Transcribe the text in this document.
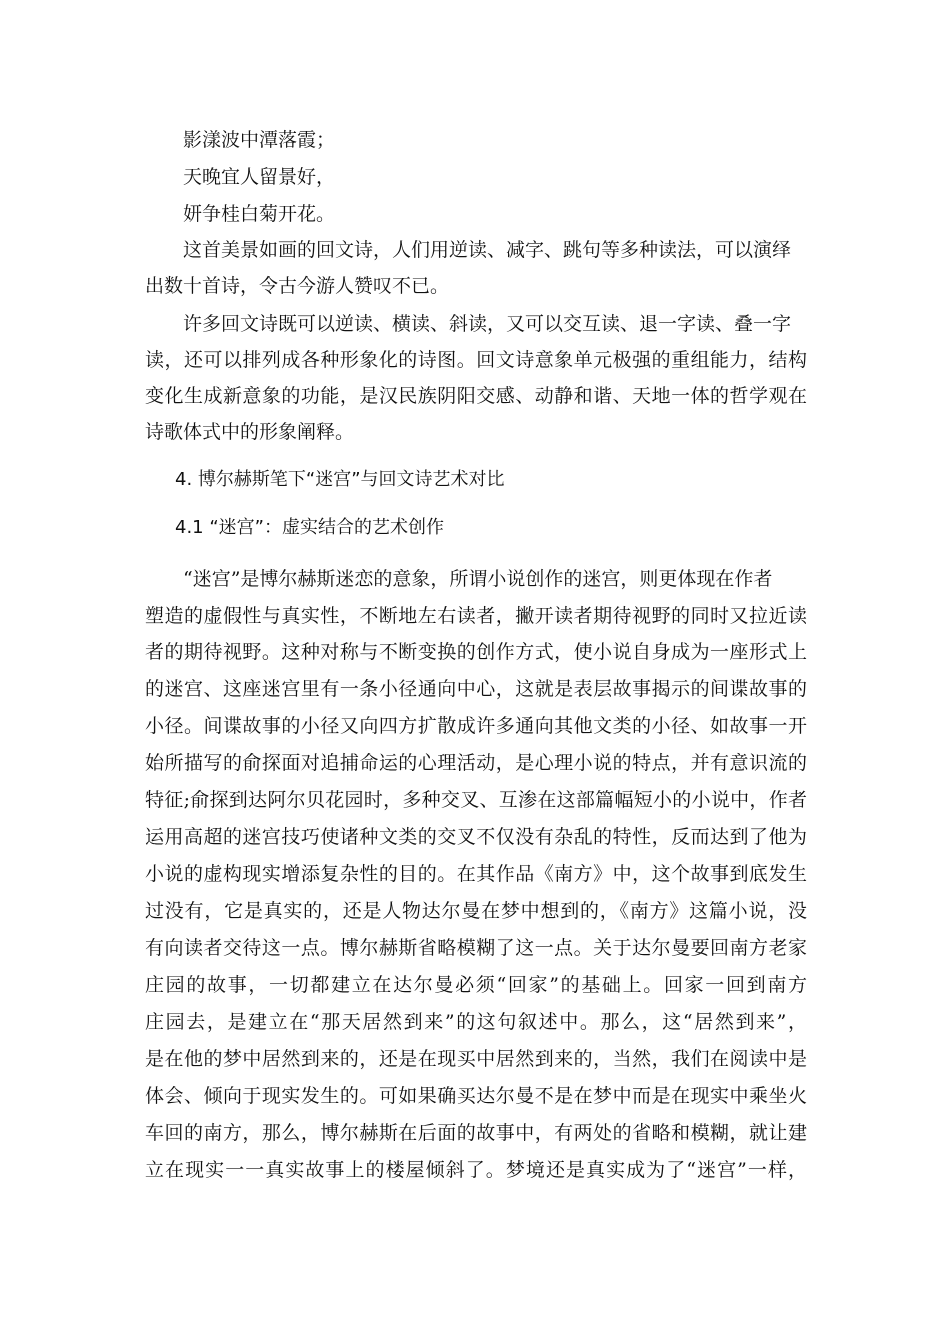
影漾波中潭落霞；
天晚宜人留景好，
妍争桂白菊开花。
这首美景如画的回文诗，人们用逆读、减字、跳句等多种读法，可以演绎
出数十首诗，令古今游人赞叹不已。
许多回文诗既可以逆读、横读、斜读，又可以交互读、退一字读、叠一字
读，还可以排列成各种形象化的诗图。回文诗意象单元极强的重组能力，结构
变化生成新意象的功能，是汉民族阴阳交感、动静和谐、天地一体的哲学观在
诗歌体式中的形象阐释。
4. 博尔赫斯笔下“迷宫”与回文诗艺术对比
4.1 “迷宫”：虚实结合的艺术创作
“迷宫”是博尔赫斯迷恋的意象，所谓小说创作的迷宫，则更体现在作者
塑造的虚假性与真实性，不断地左右读者，撇开读者期待视野的同时又拉近读
者的期待视野。这种对称与不断变换的创作方式，使小说自身成为一座形式上
的迷宫、这座迷宫里有一条小径通向中心，这就是表层故事揭示的间谍故事的
小径。间谍故事的小径又向四方扩散成许多通向其他文类的小径、如故事一开
始所描写的俞探面对追捕命运的心理活动，是心理小说的特点，并有意识流的
特征;俞探到达阿尔贝花园时，多种交叉、互渗在这部篇幅短小的小说中，作者
运用高超的迷宫技巧使诸种文类的交叉不仅没有杂乱的特性，反而达到了他为
小说的虚构现实增添复杂性的目的。在其作品《南方》中，这个故事到底发生
过没有，它是真实的，还是人物达尔曼在梦中想到的，《南方》这篇小说，没
有向读者交待这一点。博尔赫斯省略模糊了这一点。关于达尔曼要回南方老家
庄园的故事，一切都建立在达尔曼必须“回家”的基础上。回家一回到南方
庄园去，是建立在“那天居然到来”的这句叙述中。那么，这“居然到来”，
是在他的梦中居然到来的，还是在现买中居然到来的，当然，我们在阅读中是
体会、倾向于现实发生的。可如果确买达尔曼不是在梦中而是在现实中乘坐火
车回的南方，那么，博尔赫斯在后面的故事中，有两处的省略和模糊，就让建
立在现实一一真实故事上的楼屋倾斜了。梦境还是真实成为了“迷宫”一样，
